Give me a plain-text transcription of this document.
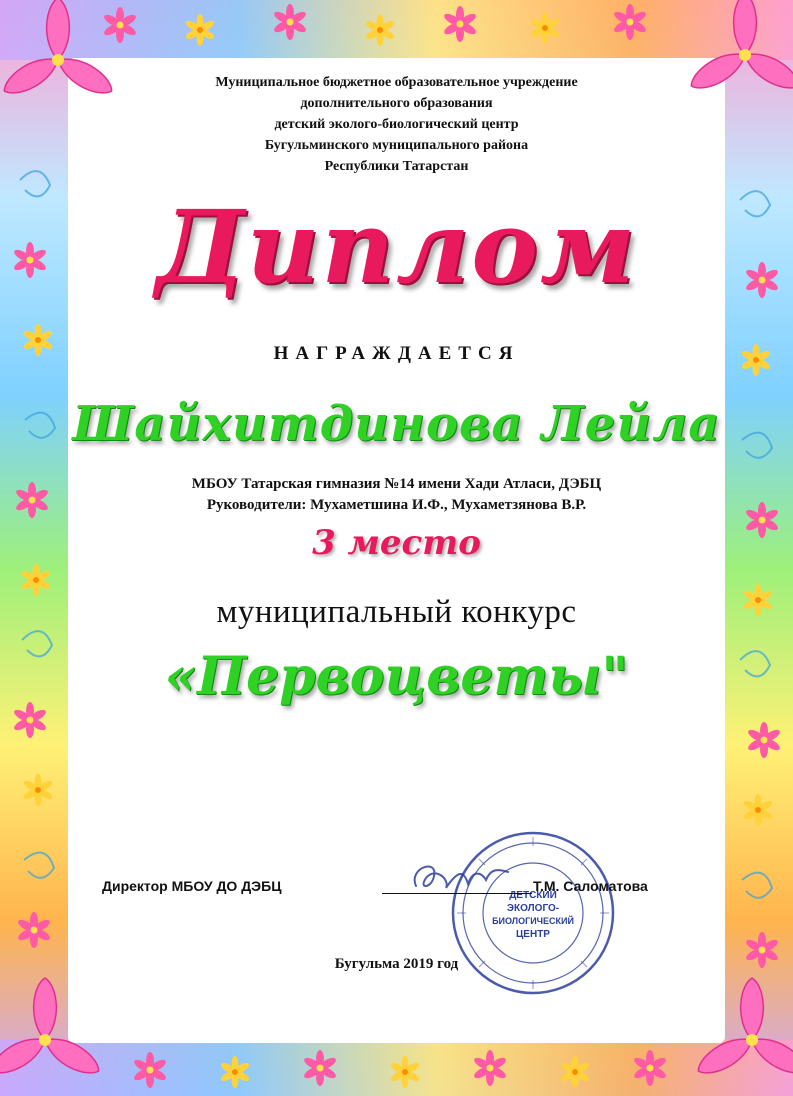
Муниципальное бюджетное образовательное учреждение
дополнительного образования
детский эколого-биологический центр
Бугульминского муниципального района
Республики Татарстан
Диплом
НАГРАЖДАЕТСЯ
Шайхитдинова Лейла
МБОУ Татарская гимназия №14 имени Хади Атласи, ДЭБЦ
Руководители: Мухаметшина И.Ф., Мухаметзянова В.Р.
3 место
муниципальный конкурс
«Первоцветы"
ДЕТСКИЙ
ЭКОЛОГО-
БИОЛОГИЧЕСКИЙ
ЦЕНТР
Директор МБОУ ДО ДЭБЦ	Т.М. Саломатова
Бугульма 2019 год
